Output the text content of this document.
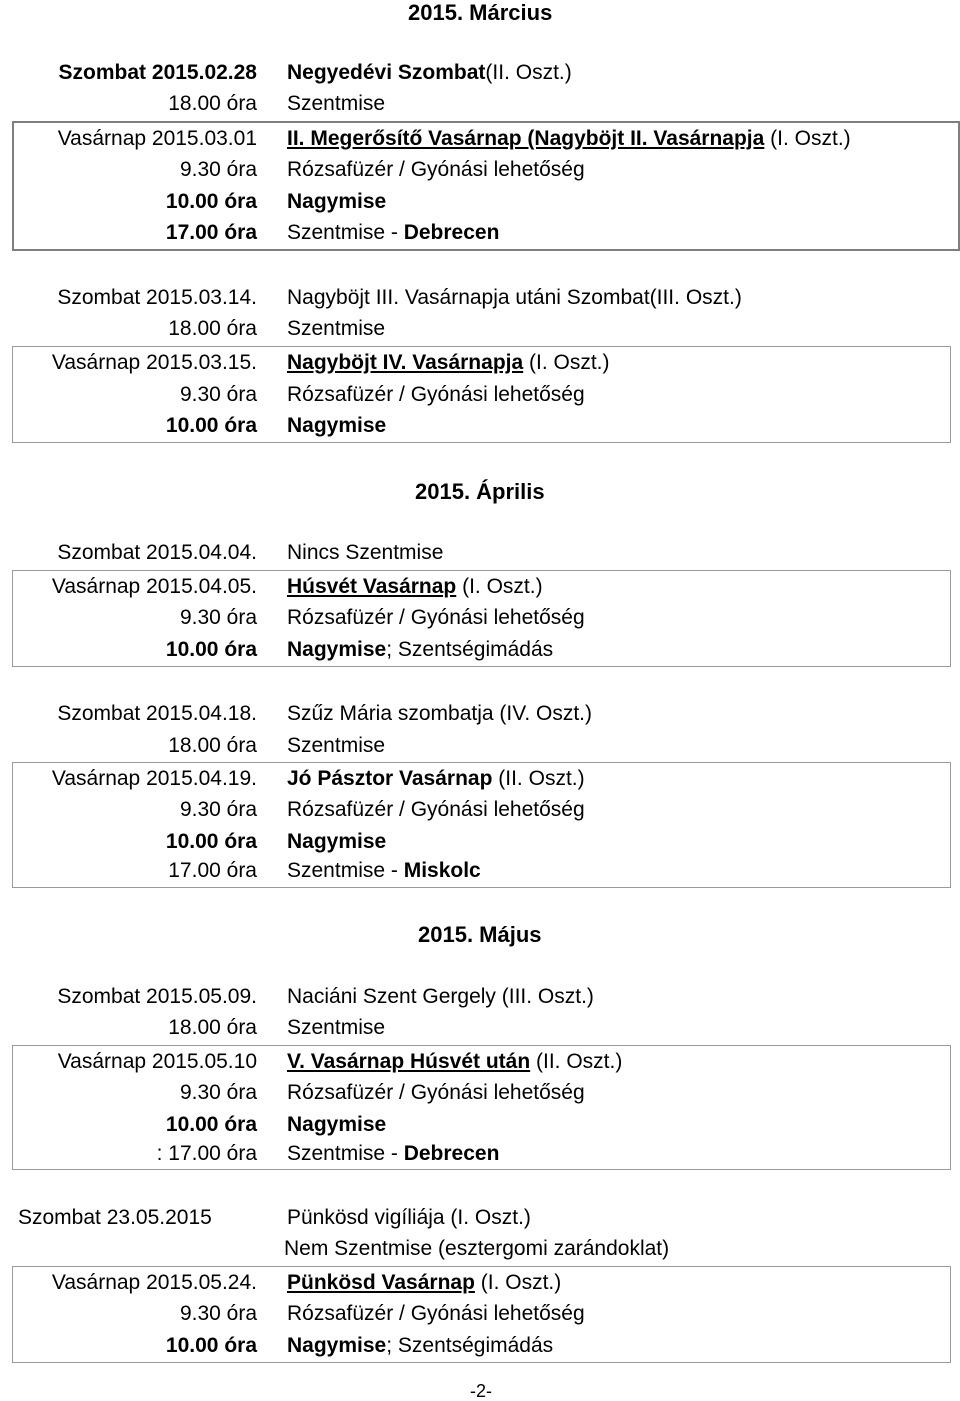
2015. Március
Szombat 2015.02.28 Negyedévi Szombat(II. Oszt.)
18.00 óra Szentmise
Vasárnap 2015.03.01 II. Megerősítő Vasárnap (Nagyböjt II. Vasárnapja (I. Oszt.)
9.30 óra Rózsafüzér / Gyónási lehetőség
10.00 óra Nagymise
17.00 óra Szentmise - Debrecen
Szombat 2015.03.14. Nagyböjt III. Vasárnapja utáni Szombat(III. Oszt.)
18.00 óra Szentmise
Vasárnap 2015.03.15. Nagyböjt IV. Vasárnapja (I. Oszt.)
9.30 óra Rózsafüzér / Gyónási lehetőség
10.00 óra Nagymise
2015. Április
Szombat 2015.04.04. Nincs Szentmise
Vasárnap 2015.04.05. Húsvét Vasárnap (I. Oszt.)
9.30 óra Rózsafüzér / Gyónási lehetőség
10.00 óra Nagymise; Szentségimádás
Szombat 2015.04.18. Szűz Mária szombatja (IV. Oszt.)
18.00 óra Szentmise
Vasárnap 2015.04.19. Jó Pásztor Vasárnap (II. Oszt.)
9.30 óra Rózsafüzér / Gyónási lehetőség
10.00 óra Nagymise
17.00 óra Szentmise - Miskolc
2015. Május
Szombat 2015.05.09. Naciáni Szent Gergely (III. Oszt.)
18.00 óra Szentmise
Vasárnap 2015.05.10 V. Vasárnap Húsvét után (II. Oszt.)
9.30 óra Rózsafüzér / Gyónási lehetőség
10.00 óra Nagymise
: 17.00 óra Szentmise - Debrecen
Szombat 23.05.2015	Pünkösd vigíliája (I. Oszt.)
Nem Szentmise (esztergomi zarándoklat)
Vasárnap 2015.05.24. Pünkösd Vasárnap (I. Oszt.)
9.30 óra Rózsafüzér / Gyónási lehetőség
10.00 óra Nagymise; Szentségimádás
-2-
